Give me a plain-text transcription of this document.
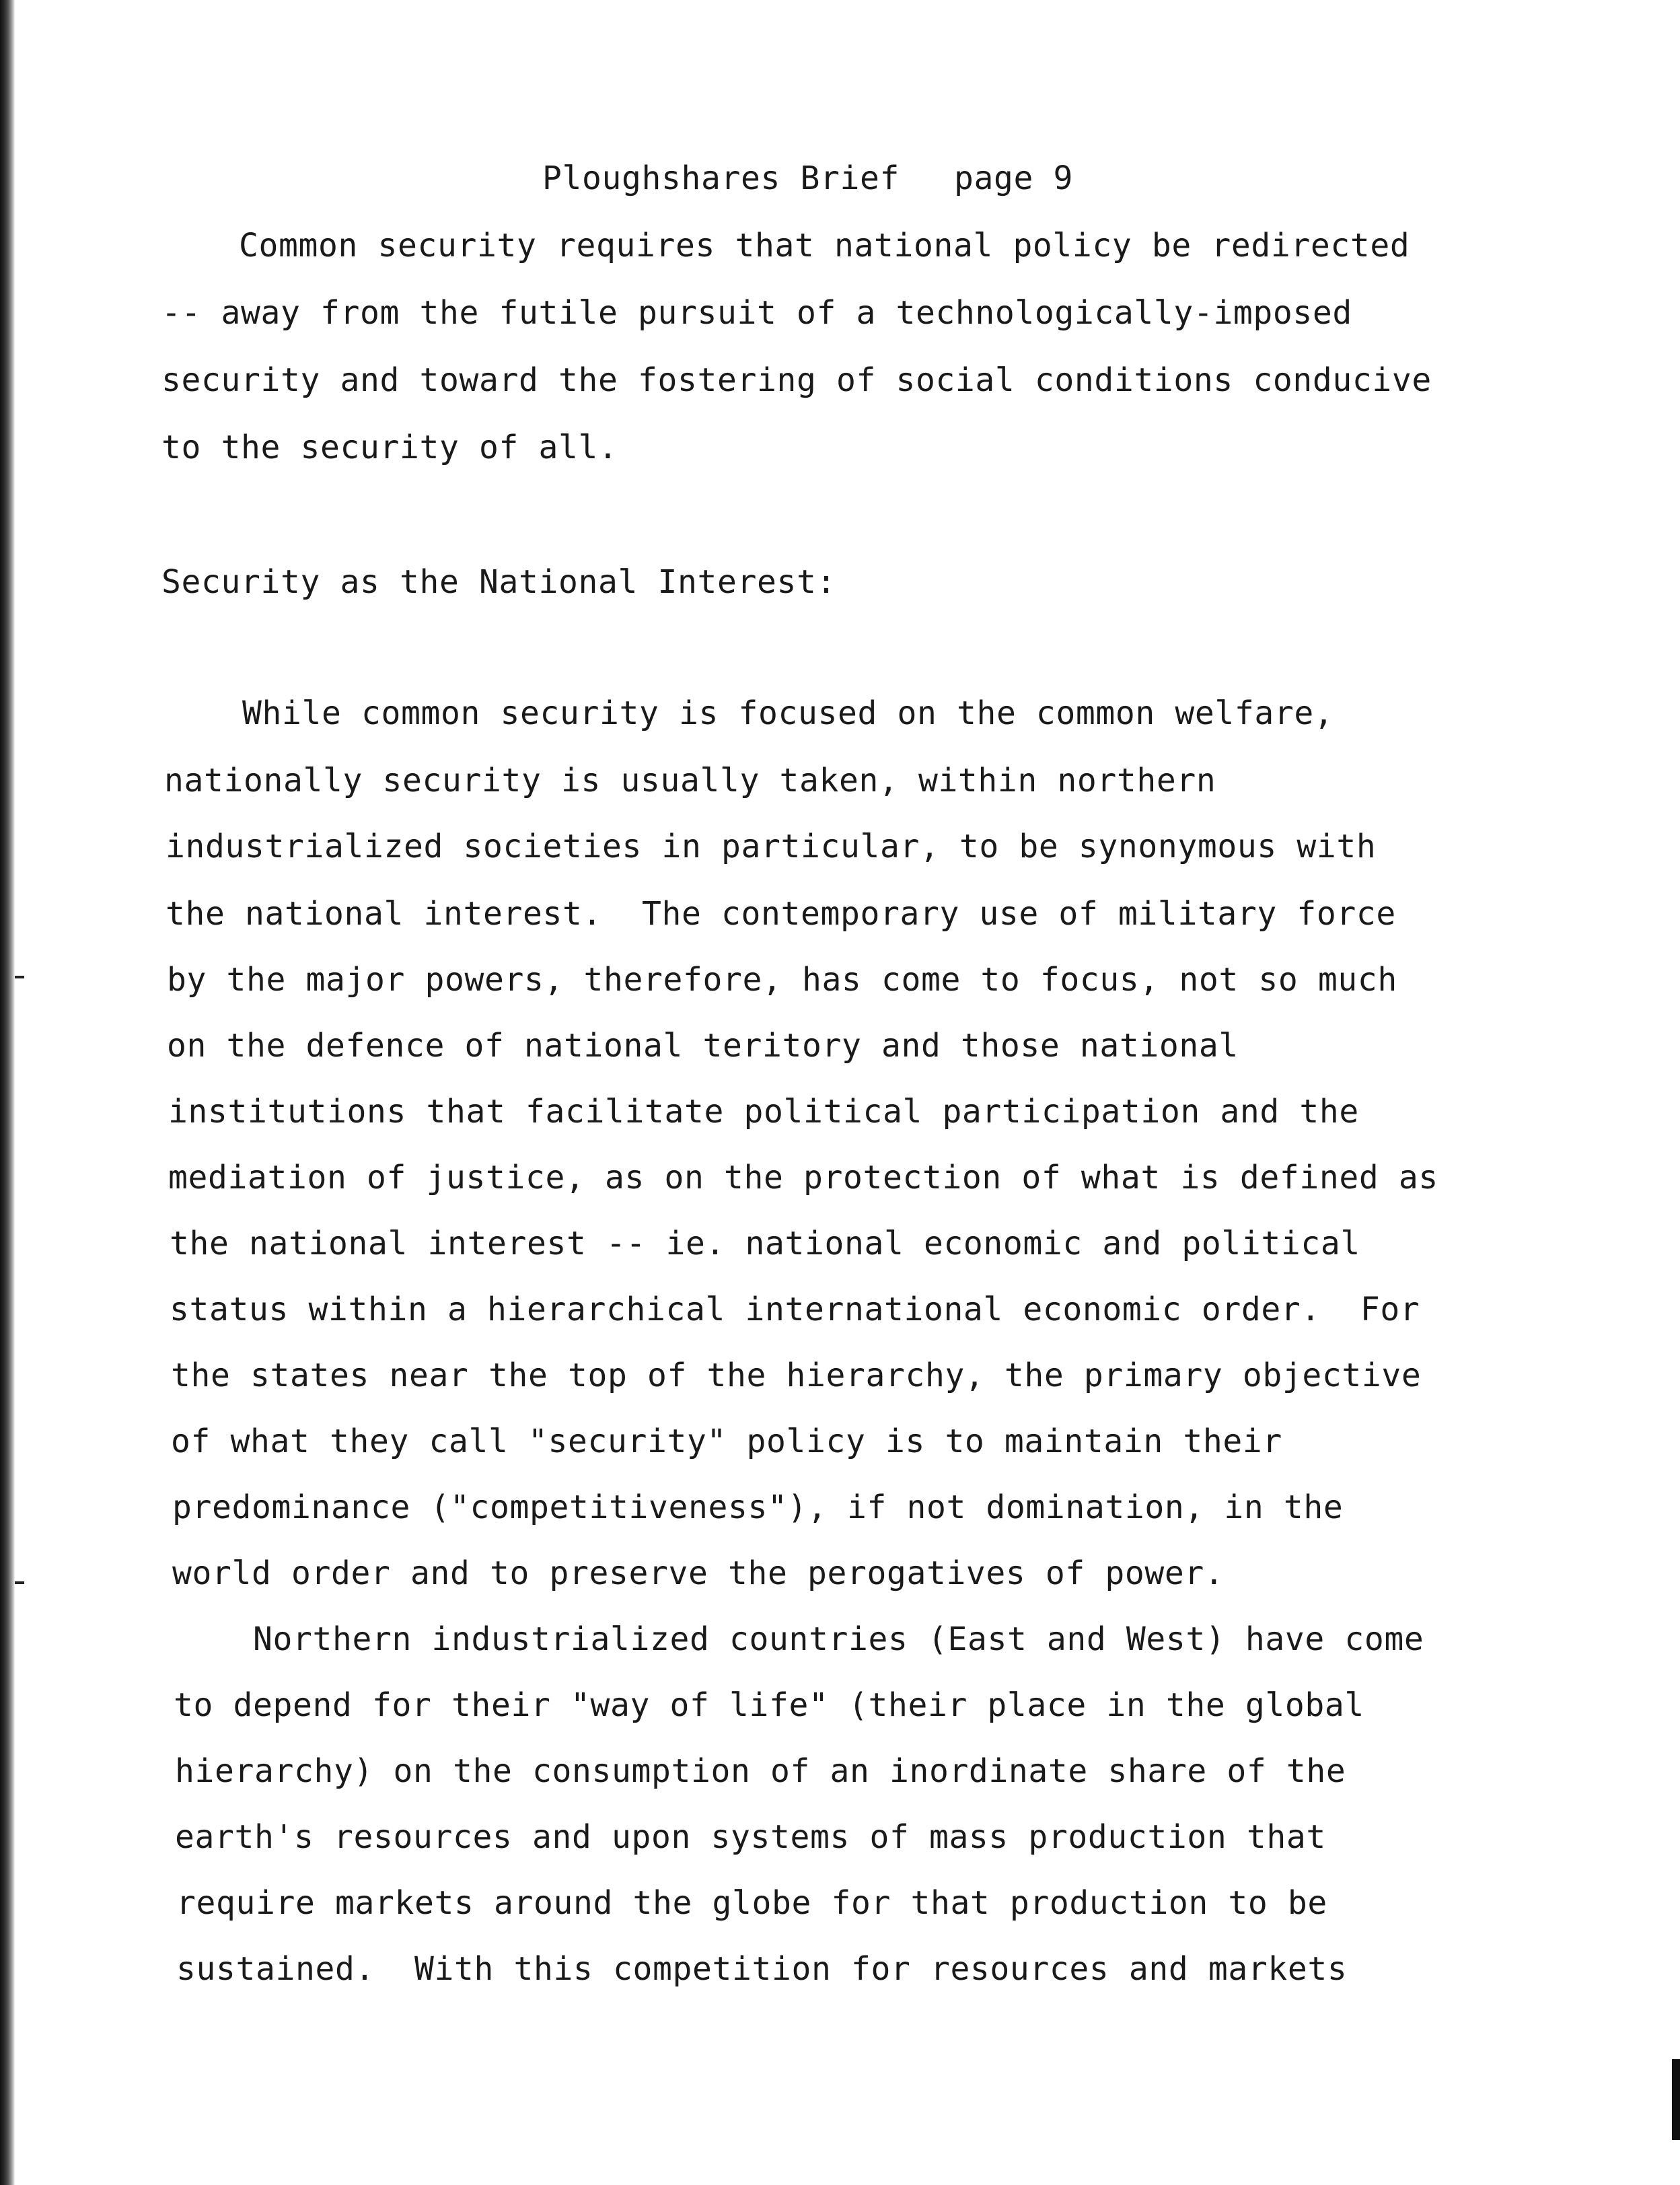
Ploughshares Brief page 9
Common security requires that national policy be redirected
-- away from the futile pursuit of a technologically-imposed
security and toward the fostering of social conditions conducive
to the security of all.
Security as the National Interest:
While common security is focused on the common welfare,
nationally security is usually taken, within northern
industrialized societies in particular, to be synonymous with
the national interest.  The contemporary use of military force
by the major powers, therefore, has come to focus, not so much
on the defence of national teritory and those national
institutions that facilitate political participation and the
mediation of justice, as on the protection of what is defined as
the national interest -- ie. national economic and political
status within a hierarchical international economic order.  For
the states near the top of the hierarchy, the primary objective
of what they call "security" policy is to maintain their
predominance ("competitiveness"), if not domination, in the
world order and to preserve the perogatives of power.
Northern industrialized countries (East and West) have come
to depend for their "way of life" (their place in the global
hierarchy) on the consumption of an inordinate share of the
earth's resources and upon systems of mass production that
require markets around the globe for that production to be
sustained.  With this competition for resources and markets
